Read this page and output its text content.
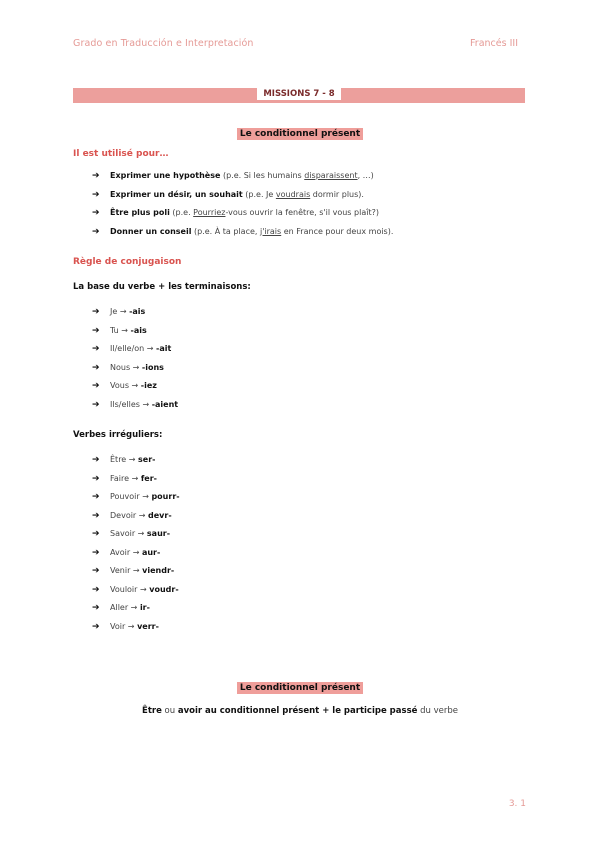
Grado en Traducción e Interpretación	Francés III
MISSIONS 7 - 8
Le conditionnel présent
Il est utilisé pour…
➔ Exprimer une hypothèse (p.e. Si les humains disparaissent, …)
➔ Exprimer un désir, un souhait (p.e. Je voudrais dormir plus).
➔ Être plus poli (p.e. Pourriez-vous ouvrir la fenêtre, s'il vous plaît?)
➔ Donner un conseil (p.e. À ta place, j'irais en France pour deux mois).
Règle de conjugaison
La base du verbe + les terminaisons:
➔ Je → -ais
➔ Tu → -ais
➔ Il/elle/on → -ait
➔ Nous → -ions
➔ Vous → -iez
➔ Ils/elles → -aient
Verbes irréguliers:
➔ Être → ser-
➔ Faire → fer-
➔ Pouvoir → pourr-
➔ Devoir → devr-
➔ Savoir → saur-
➔ Avoir → aur-
➔ Venir → viendr-
➔ Vouloir → voudr-
➔ Aller → ir-
➔ Voir → verr-
Le conditionnel présent
Être ou avoir au conditionnel présent + le participe passé du verbe
3. 1
